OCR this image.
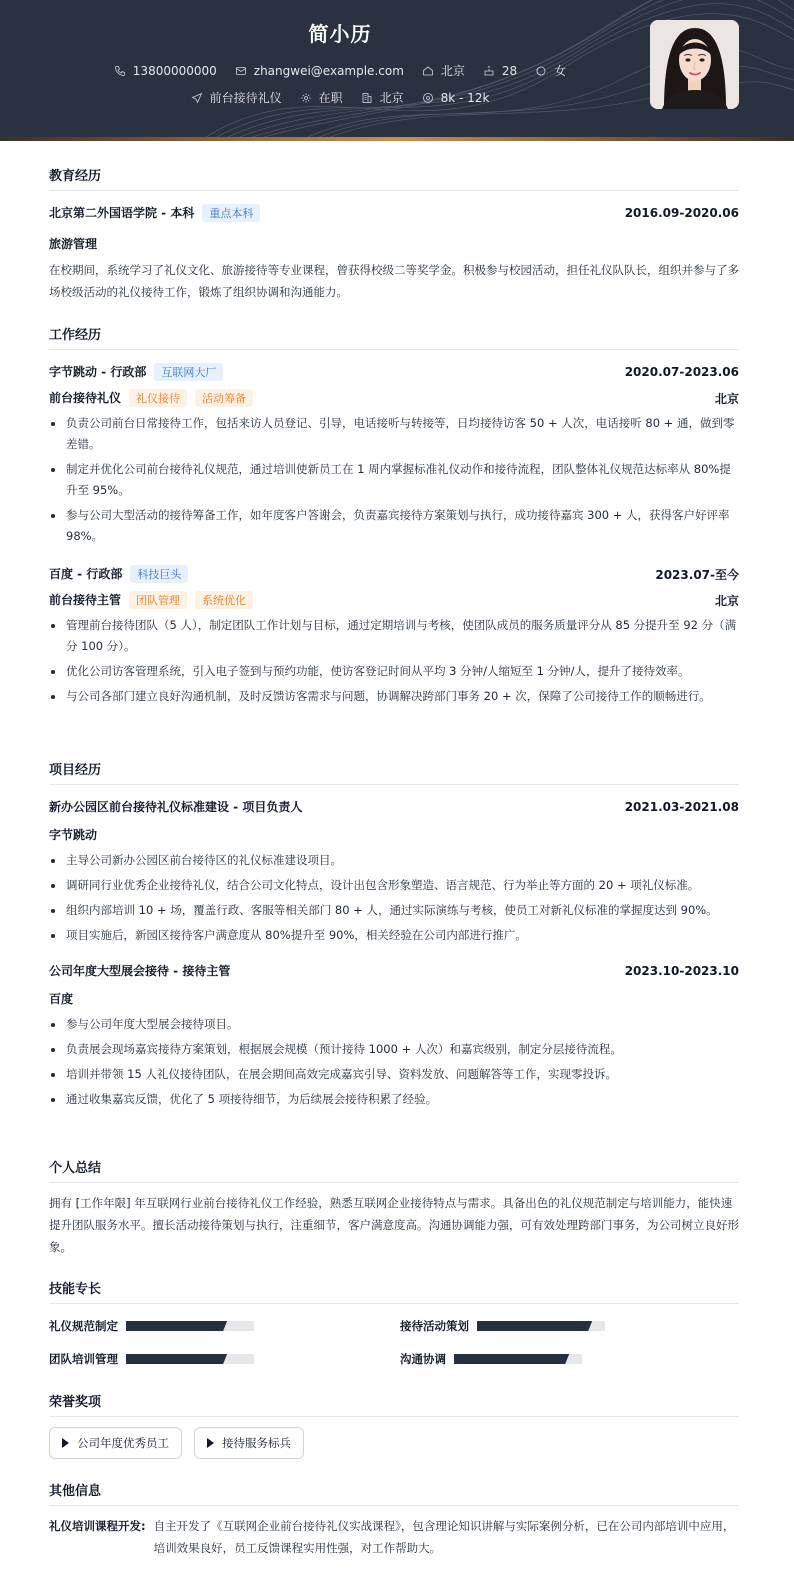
简小历
13800000000	zhangwei@example.com	北京	28	女
前台接待礼仪	在职	北京	8k - 12k
教育经历
北京第二外国语学院 - 本科 重点本科	2016.09-2020.06
旅游管理
在校期间，系统学习了礼仪文化、旅游接待等专业课程，曾获得校级二等奖学金。积极参与校园活动，担任礼仪队队长，组织并参与了多场校级活动的礼仪接待工作，锻炼了组织协调和沟通能力。
工作经历
字节跳动 - 行政部 互联网大厂	2020.07-2023.06
前台接待礼仪 礼仪接待 活动筹备	北京
负责公司前台日常接待工作，包括来访人员登记、引导，电话接听与转接等，日均接待访客 50 + 人次，电话接听 80 + 通，做到零差错。
制定并优化公司前台接待礼仪规范，通过培训使新员工在 1 周内掌握标准礼仪动作和接待流程，团队整体礼仪规范达标率从 80%提升至 95%。
参与公司大型活动的接待筹备工作，如年度客户答谢会，负责嘉宾接待方案策划与执行，成功接待嘉宾 300 + 人，获得客户好评率 98%。
百度 - 行政部 科技巨头	2023.07-至今
前台接待主管 团队管理 系统优化	北京
管理前台接待团队（5 人），制定团队工作计划与目标，通过定期培训与考核，使团队成员的服务质量评分从 85 分提升至 92 分（满分 100 分）。
优化公司访客管理系统，引入电子签到与预约功能，使访客登记时间从平均 3 分钟/人缩短至 1 分钟/人，提升了接待效率。
与公司各部门建立良好沟通机制，及时反馈访客需求与问题，协调解决跨部门事务 20 + 次，保障了公司接待工作的顺畅进行。
项目经历
新办公园区前台接待礼仪标准建设 - 项目负责人	2021.03-2021.08
字节跳动
主导公司新办公园区前台接待区的礼仪标准建设项目。
调研同行业优秀企业接待礼仪，结合公司文化特点，设计出包含形象塑造、语言规范、行为举止等方面的 20 + 项礼仪标准。
组织内部培训 10 + 场，覆盖行政、客服等相关部门 80 + 人，通过实际演练与考核，使员工对新礼仪标准的掌握度达到 90%。
项目实施后，新园区接待客户满意度从 80%提升至 90%，相关经验在公司内部进行推广。
公司年度大型展会接待 - 接待主管	2023.10-2023.10
百度
参与公司年度大型展会接待项目。
负责展会现场嘉宾接待方案策划，根据展会规模（预计接待 1000 + 人次）和嘉宾级别，制定分层接待流程。
培训并带领 15 人礼仪接待团队，在展会期间高效完成嘉宾引导、资料发放、问题解答等工作，实现零投诉。
通过收集嘉宾反馈，优化了 5 项接待细节，为后续展会接待积累了经验。
个人总结
拥有 [工作年限] 年互联网行业前台接待礼仪工作经验，熟悉互联网企业接待特点与需求。具备出色的礼仪规范制定与培训能力，能快速提升团队服务水平。擅长活动接待策划与执行，注重细节，客户满意度高。沟通协调能力强，可有效处理跨部门事务，为公司树立良好形象。
技能专长
礼仪规范制定	接待活动策划
团队培训管理	沟通协调
荣誉奖项
公司年度优秀员工	接待服务标兵
其他信息
礼仪培训课程开发: 自主开发了《互联网企业前台接待礼仪实战课程》，包含理论知识讲解与实际案例分析，已在公司内部培训中应用，培训效果良好，员工反馈课程实用性强，对工作帮助大。
